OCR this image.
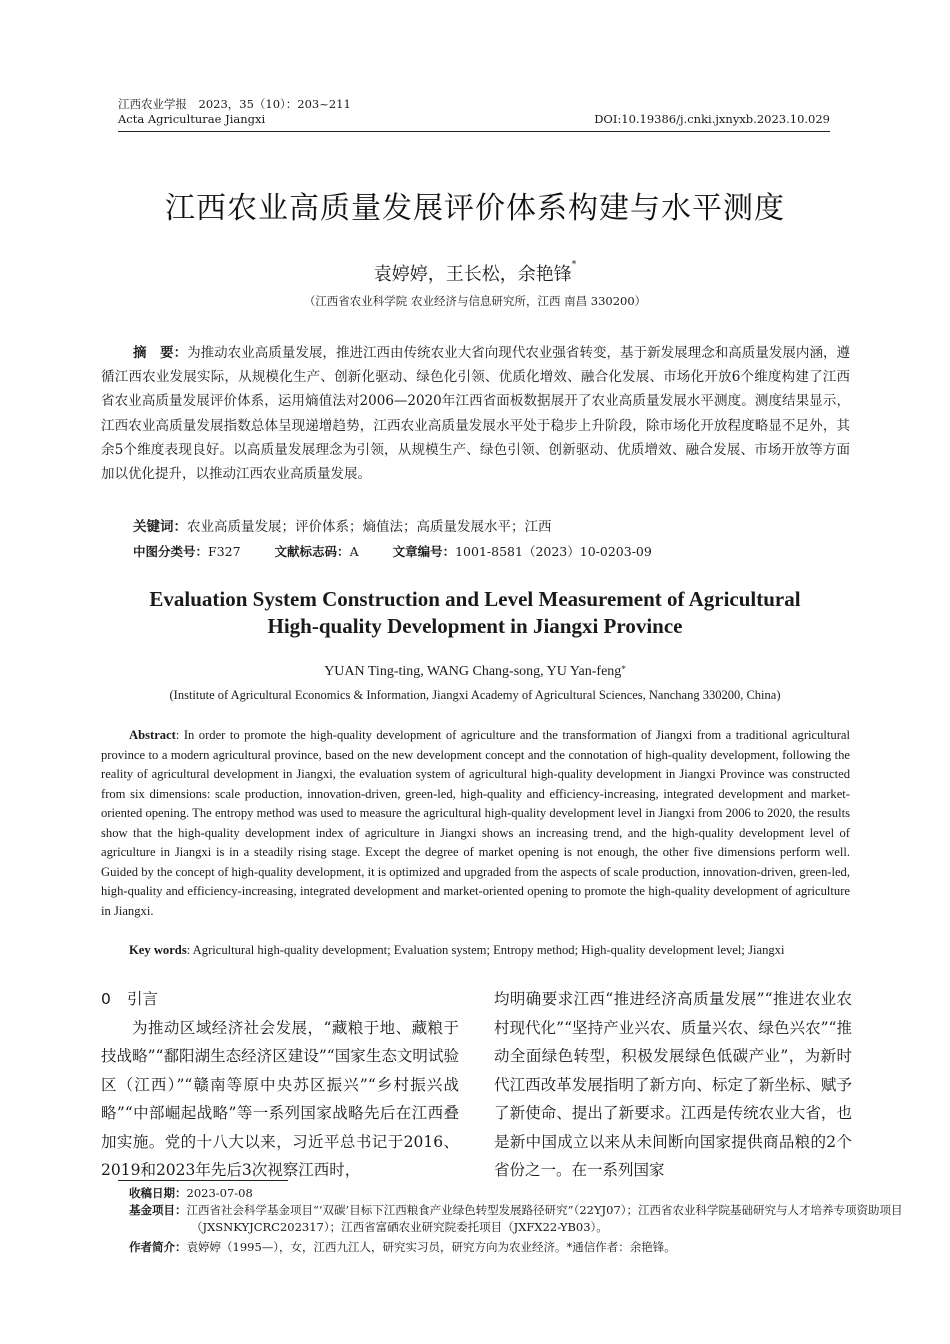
江西农业学报　2023，35（10）：203~211
Acta Agriculturae Jiangxi	DOI:10.19386/j.cnki.jxnyxb.2023.10.029
江西农业高质量发展评价体系构建与水平测度
袁婷婷，王长松，余艳锋*
（江西省农业科学院 农业经济与信息研究所，江西 南昌 330200）
摘　要：为推动农业高质量发展，推进江西由传统农业大省向现代农业强省转变，基于新发展理念和高质量发展内涵，遵循江西农业发展实际，从规模化生产、创新化驱动、绿色化引领、优质化增效、融合化发展、市场化开放6个维度构建了江西省农业高质量发展评价体系，运用熵值法对2006—2020年江西省面板数据展开了农业高质量发展水平测度。测度结果显示，江西农业高质量发展指数总体呈现递增趋势，江西农业高质量发展水平处于稳步上升阶段，除市场化开放程度略显不足外，其余5个维度表现良好。以高质量发展理念为引领，从规模生产、绿色引领、创新驱动、优质增效、融合发展、市场开放等方面加以优化提升，以推动江西农业高质量发展。
关键词：农业高质量发展；评价体系；熵值法；高质量发展水平；江西
中图分类号：F327	文献标志码：A	文章编号：1001-8581（2023）10-0203-09
Evaluation System Construction and Level Measurement of Agricultural
High-quality Development in Jiangxi Province
YUAN Ting-ting, WANG Chang-song, YU Yan-feng*
(Institute of Agricultural Economics & Information, Jiangxi Academy of Agricultural Sciences, Nanchang 330200, China)
Abstract: In order to promote the high-quality development of agriculture and the transformation of Jiangxi from a traditional agricultural province to a modern agricultural province, based on the new development concept and the connotation of high-quality development, following the reality of agricultural development in Jiangxi, the evaluation system of agricultural high-quality development in Jiangxi Province was constructed from six dimensions: scale production, innovation-driven, green-led, high-quality and efficiency-increasing, integrated development and market-oriented opening. The entropy method was used to measure the agricultural high-quality development level in Jiangxi from 2006 to 2020, the results show that the high-quality development index of agriculture in Jiangxi shows an increasing trend, and the high-quality development level of agriculture in Jiangxi is in a steadily rising stage. Except the degree of market opening is not enough, the other five dimensions perform well. Guided by the concept of high-quality development, it is optimized and upgraded from the aspects of scale production, innovation-driven, green-led, high-quality and efficiency-increasing, integrated development and market-oriented opening to promote the high-quality development of agriculture in Jiangxi.
Key words: Agricultural high-quality development; Evaluation system; Entropy method; High-quality development level; Jiangxi
0 引言
为推动区域经济社会发展，“藏粮于地、藏粮于技战略”“鄱阳湖生态经济区建设”“国家生态文明试验区（江西）”“赣南等原中央苏区振兴”“乡村振兴战略”“中部崛起战略”等一系列国家战略先后在江西叠加实施。党的十八大以来，习近平总书记于2016、2019和2023年先后3次视察江西时，
均明确要求江西“推进经济高质量发展”“推进农业农村现代化”“坚持产业兴农、质量兴农、绿色兴农”“推动全面绿色转型，积极发展绿色低碳产业”，为新时代江西改革发展指明了新方向、标定了新坐标、赋予了新使命、提出了新要求。江西是传统农业大省，也是新中国成立以来从未间断向国家提供商品粮的2个省份之一。在一系列国家
收稿日期：2023-07-08
基金项目：江西省社会科学基金项目“‘双碳’目标下江西粮食产业绿色转型发展路径研究”（22YJ07）；江西省农业科学院基础研究与人才培养专项资助项目（JXSNKYJCRC202317）；江西省富硒农业研究院委托项目（JXFX22-YB03）。
作者简介：袁婷婷（1995—），女，江西九江人，研究实习员，研究方向为农业经济。*通信作者：余艳锋。
